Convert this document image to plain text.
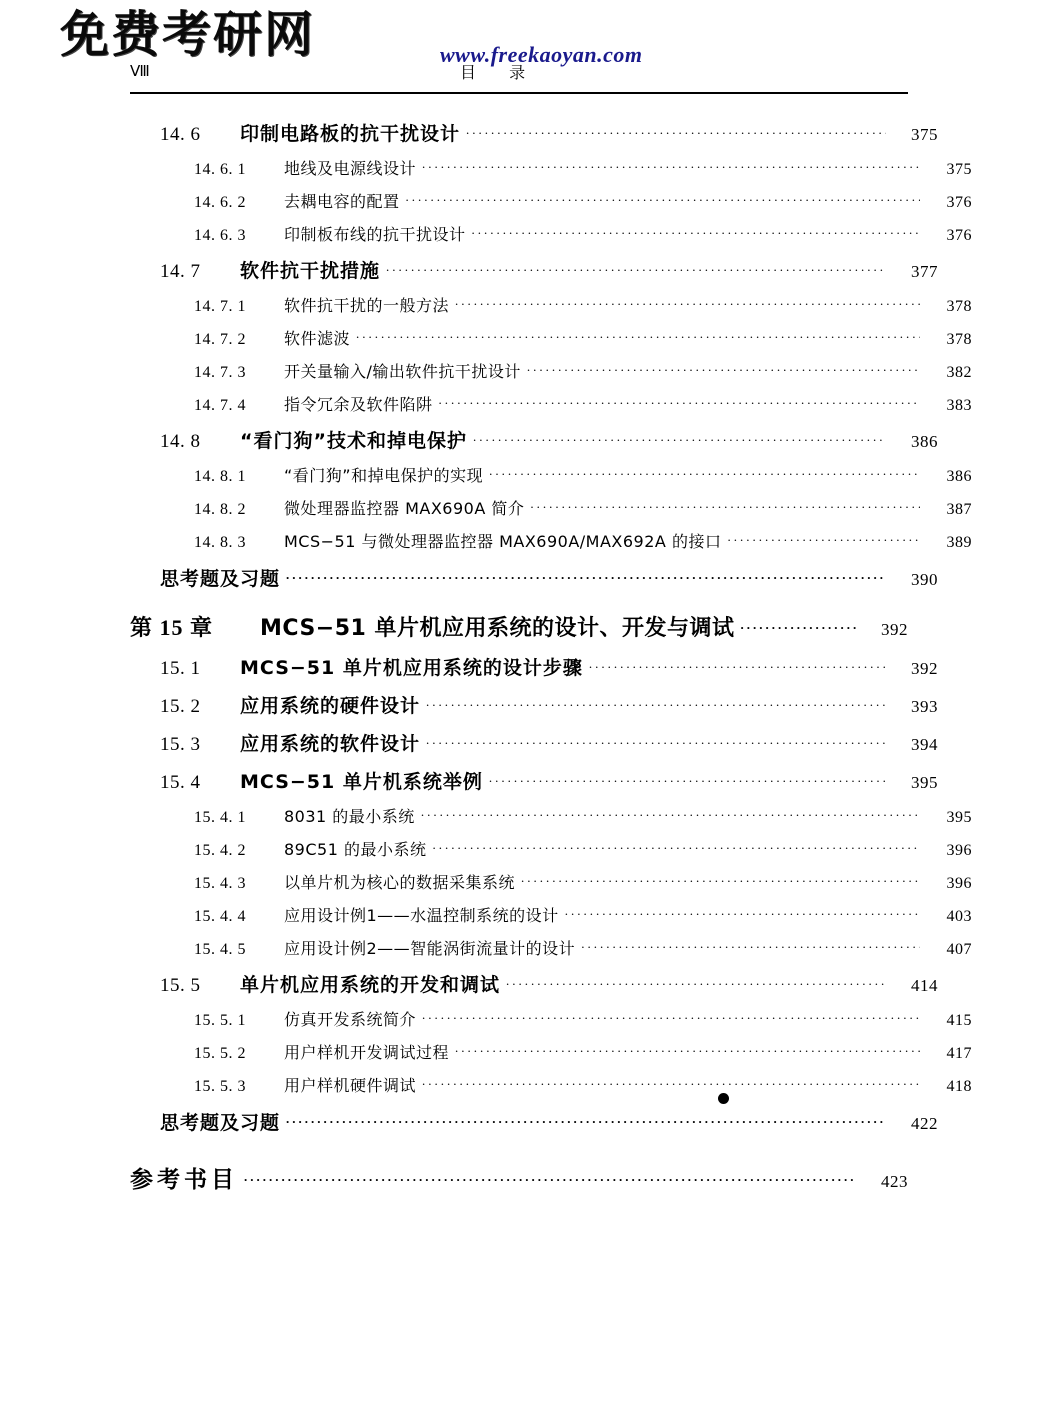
免费考研网	www.freekaoyan.com
Ⅷ	目 录
14. 6	印制电路板的抗干扰设计 .....	375
14. 6. 1	地线及电源线设计 .....	375
14. 6. 2	去耦电容的配置 .....	376
14. 6. 3	印制板布线的抗干扰设计 .....	376
14. 7	软件抗干扰措施 .....	377
14. 7. 1	软件抗干扰的一般方法 .....	378
14. 7. 2	软件滤波 .....	378
14. 7. 3	开关量输入/输出软件抗干扰设计 .....	382
14. 7. 4	指令冗余及软件陷阱 .....	383
14. 8	“看门狗”技术和掉电保护 .....	386
14. 8. 1	“看门狗”和掉电保护的实现 .....	386
14. 8. 2	微处理器监控器 MAX690A 简介 .....	387
14. 8. 3	MCS−51 与微处理器监控器 MAX690A/MAX692A 的接口 .....	389
思考题及习题 .....	390
第 15 章	MCS−51 单片机应用系统的设计、开发与调试 .....	392
15. 1	MCS−51 单片机应用系统的设计步骤 .....	392
15. 2	应用系统的硬件设计 .....	393
15. 3	应用系统的软件设计 .....	394
15. 4	MCS−51 单片机系统举例 .....	395
15. 4. 1	8031 的最小系统 .....	395
15. 4. 2	89C51 的最小系统 .....	396
15. 4. 3	以单片机为核心的数据采集系统 .....	396
15. 4. 4	应用设计例1——水温控制系统的设计 .....	403
15. 4. 5	应用设计例2——智能涡街流量计的设计 .....	407
15. 5	单片机应用系统的开发和调试 .....	414
15. 5. 1	仿真开发系统简介 .....	415
15. 5. 2	用户样机开发调试过程 .....	417
15. 5. 3	用户样机硬件调试 .....	418
思考题及习题 .....	422
参考书目 .....	423
